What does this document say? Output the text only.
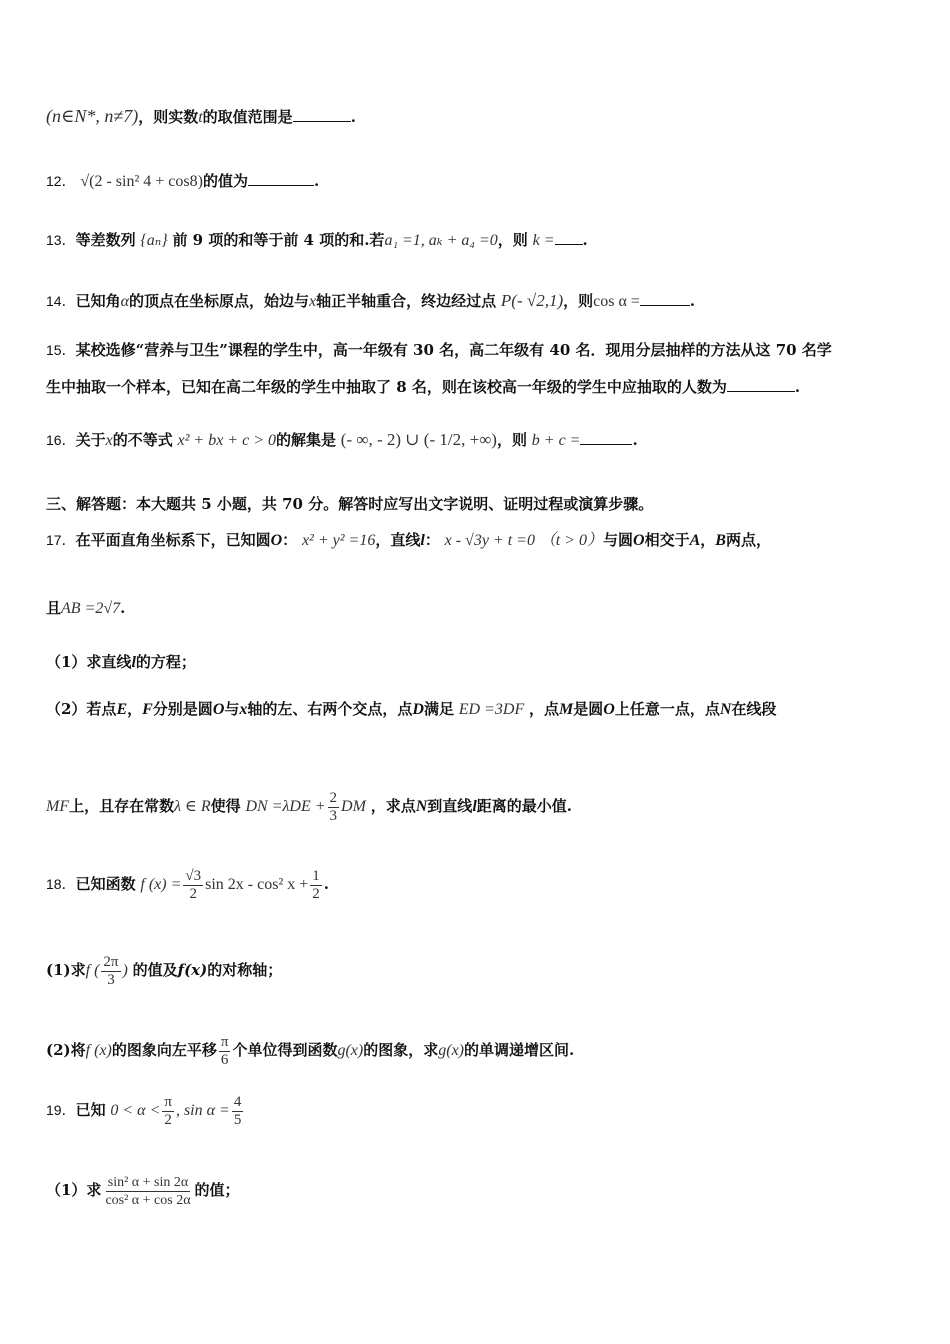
(n∈N*, n≠7)，则实数t的取值范围是	.
12． √(2 - sin² 4 + cos8)的值为	.
13．等差数列 {aₙ} 前 9 项的和等于前 4 项的和.若a₁ =1, aₖ + a₄ =0，则 k = .
14．已知角α的顶点在坐标原点，始边与x轴正半轴重合，终边经过点 P(- √2,1)，则cos α =	.
15．某校选修“营养与卫生”课程的学生中，高一年级有 30 名，高二年级有 40 名．现用分层抽样的方法从这 70 名学
生中抽取一个样本，已知在高二年级的学生中抽取了 8 名，则在该校高一年级的学生中应抽取的人数为	.
16．关于x的不等式 x² + bx + c > 0的解集是 (- ∞, - 2) ∪ (- 1/2, +∞)，则 b + c =	.
三、解答题：本大题共 5 小题，共 70 分。解答时应写出文字说明、证明过程或演算步骤。
17．在平面直角坐标系下，已知圆O： x² + y² =16，直线l： x - √3y + t =0 （t > 0）与圆O相交于A，B两点，
且AB =2√7.
（1）求直线l的方程；
（2）若点E，F分别是圆O与x轴的左、右两个交点，点D满足 ED =3DF ，点M是圆O上任意一点，点N在线段
MF上，且存在常数λ ∈ R使得 DN $=\lambda DE + \frac{2}{3}$ DM ，求点N到直线l距离的最小值.
18．已知函数 f $(x) = \frac{√3}{2}$ sin 2x - cos² $x + \frac{1}{2}$ .
(1)求f ( $\frac{2\pi}{3}$ ) 的值及f(x)的对称轴；
(2)将f (x)的图象向左平移 $\frac{\pi}{6}$ 个单位得到函数g(x)的图象，求g(x)的单调递增区间.
19．已知 $0 < \alpha < \frac{\pi}{2}$ , $\sin \alpha = \frac{4}{5}$
（1）求 $\frac{\text{sin² α + sin 2α}}{\text{cos² α + cos 2α}}$ 的值；
